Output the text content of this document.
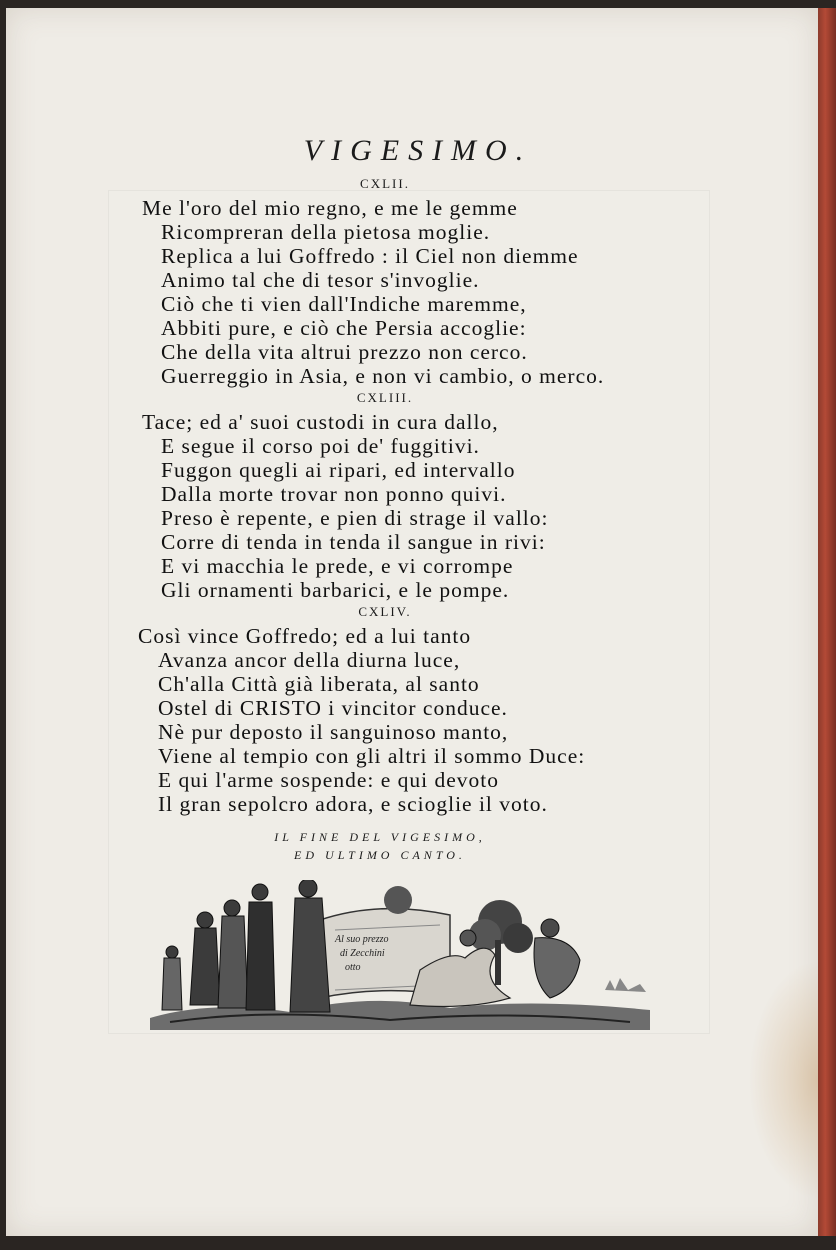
VIGESIMO.
CXLII.
Me l'oro del mio regno, e me le gemme
Ricompreran della pietosa moglie.
Replica a lui Goffredo : il Ciel non diemme
Animo tal che di tesor s'invoglie.
Ciò che ti vien dall'Indiche maremme,
Abbiti pure, e ciò che Persia accoglie:
Che della vita altrui prezzo non cerco.
Guerreggio in Asia, e non vi cambio, o merco.
CXLIII.
Tace; ed a' suoi custodi in cura dallo,
E segue il corso poi de' fuggitivi.
Fuggon quegli ai ripari, ed intervallo
Dalla morte trovar non ponno quivi.
Preso è repente, e pien di strage il vallo:
Corre di tenda in tenda il sangue in rivi:
E vi macchia le prede, e vi corrompe
Gli ornamenti barbarici, e le pompe.
CXLIV.
Così vince Goffredo; ed a lui tanto
Avanza ancor della diurna luce,
Ch'alla Città già liberata, al santo
Ostel di CRISTO i vincitor conduce.
Nè pur deposto il sanguinoso manto,
Viene al tempio con gli altri il sommo Duce:
E qui l'arme sospende: e qui devoto
Il gran sepolcro adora, e scioglie il voto.
IL FINE DEL VIGESIMO,
ED ULTIMO CANTO.
Al suo prezzo
di Zecchini
otto
